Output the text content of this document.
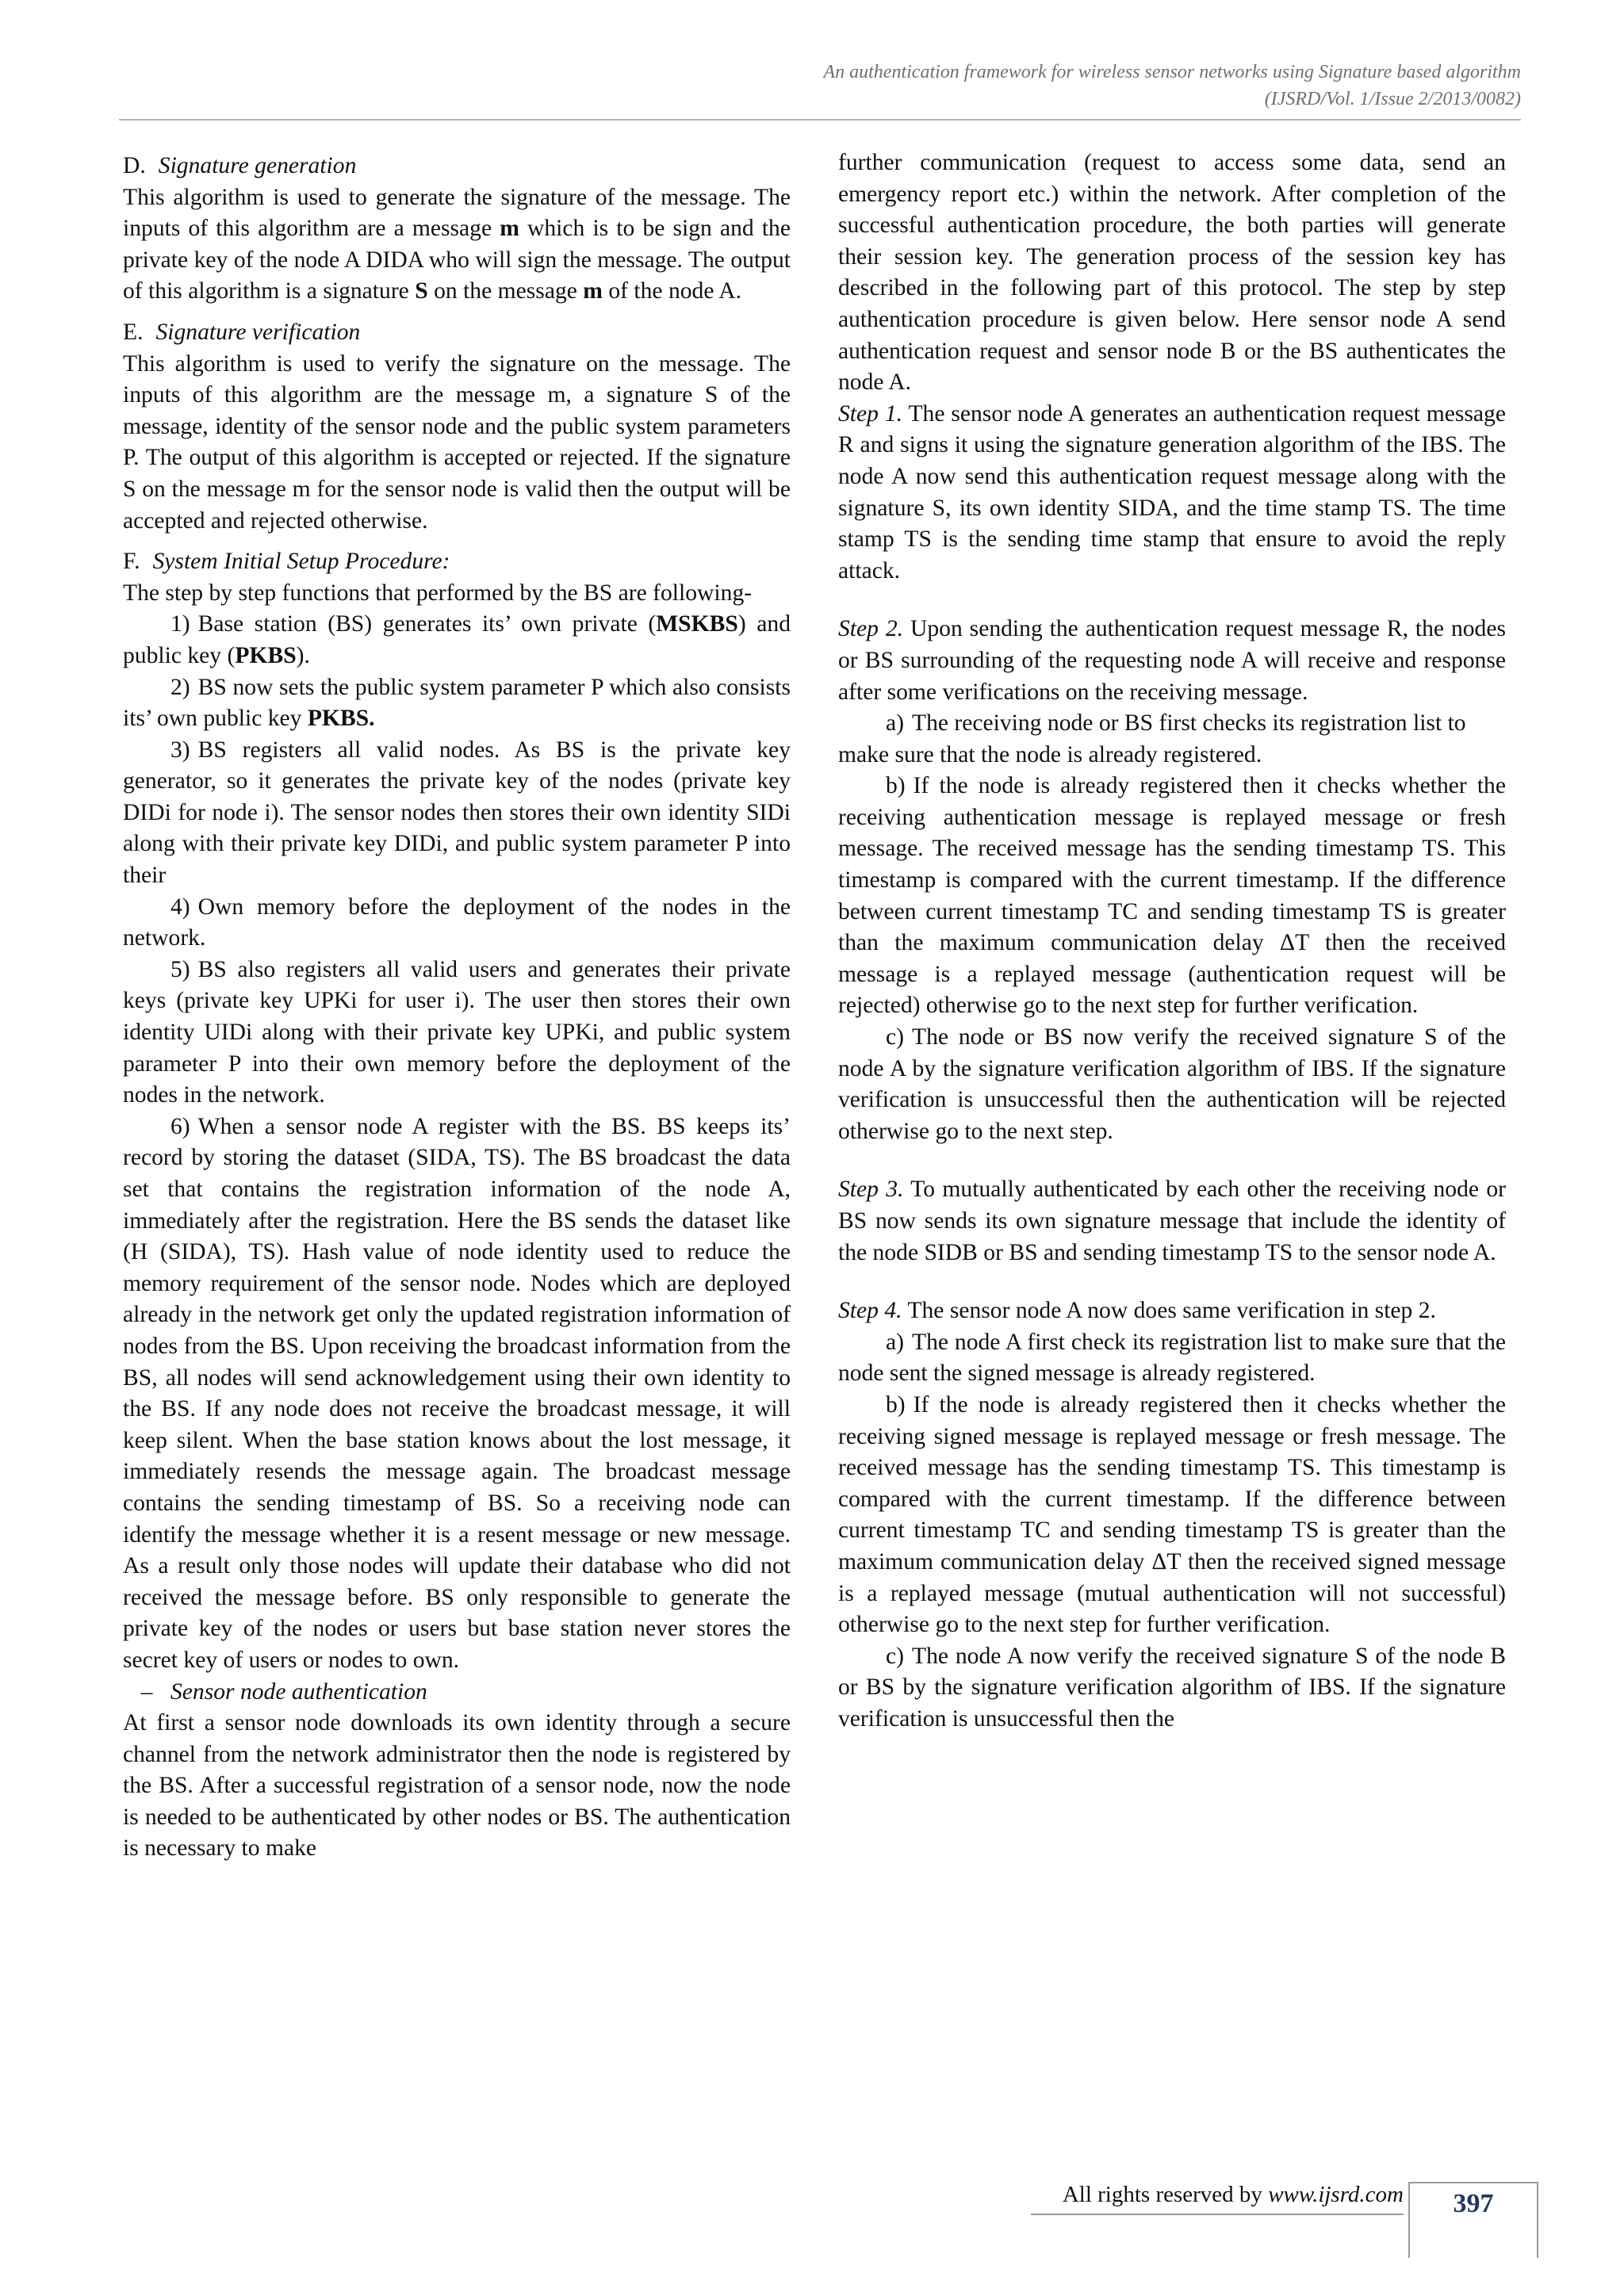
An authentication framework for wireless sensor networks using Signature based algorithm
(IJSRD/Vol. 1/Issue 2/2013/0082)

D. Signature generation

This algorithm is used to generate the signature of the message. The inputs of this algorithm are a message m which is to be sign and the private key of the node A DIDA who will sign the message. The output of this algorithm is a signature S on the message m of the node A.

E. Signature verification

This algorithm is used to verify the signature on the message. The inputs of this algorithm are the message m, a signature S of the message, identity of the sensor node and the public system parameters P. The output of this algorithm is accepted or rejected. If the signature S on the message m for the sensor node is valid then the output will be accepted and rejected otherwise.

F. System Initial Setup Procedure:

The step by step functions that performed by the BS are following-

1) Base station (BS) generates its’ own private (MSKBS) and public key (PKBS).

2) BS now sets the public system parameter P which also consists its’ own public key PKBS.

3) BS registers all valid nodes. As BS is the private key generator, so it generates the private key of the nodes (private key DIDi for node i). The sensor nodes then stores their own identity SIDi along with their private key DIDi, and public system parameter P into their

4) Own memory before the deployment of the nodes in the network.

5) BS also registers all valid users and generates their private keys (private key UPKi for user i). The user then stores their own identity UIDi along with their private key UPKi, and public system parameter P into their own memory before the deployment of the nodes in the network.

6) When a sensor node A register with the BS. BS keeps its’ record by storing the dataset (SIDA, TS). The BS broadcast the data set that contains the registration information of the node A, immediately after the registration. Here the BS sends the dataset like (H (SIDA), TS). Hash value of node identity used to reduce the memory requirement of the sensor node. Nodes which are deployed already in the network get only the updated registration information of nodes from the BS. Upon receiving the broadcast information from the BS, all nodes will send acknowledgement using their own identity to the BS. If any node does not receive the broadcast message, it will keep silent. When the base station knows about the lost message, it immediately resends the message again. The broadcast message contains the sending timestamp of BS. So a receiving node can identify the message whether it is a resent message or new message. As a result only those nodes will update their database who did not received the message before. BS only responsible to generate the private key of the nodes or users but base station never stores the secret key of users or nodes to own.

– Sensor node authentication

At first a sensor node downloads its own identity through a secure channel from the network administrator then the node is registered by the BS. After a successful registration of a sensor node, now the node is needed to be authenticated by other nodes or BS. The authentication is necessary to make

further communication (request to access some data, send an emergency report etc.) within the network. After completion of the successful authentication procedure, the both parties will generate their session key. The generation process of the session key has described in the following part of this protocol. The step by step authentication procedure is given below. Here sensor node A send authentication request and sensor node B or the BS authenticates the node A.

Step 1. The sensor node A generates an authentication request message R and signs it using the signature generation algorithm of the IBS. The node A now send this authentication request message along with the signature S, its own identity SIDA, and the time stamp TS. The time stamp TS is the sending time stamp that ensure to avoid the reply attack.

Step 2. Upon sending the authentication request message R, the nodes or BS surrounding of the requesting node A will receive and response after some verifications on the receiving message.

a) The receiving node or BS first checks its registration list to make sure that the node is already registered.

b) If the node is already registered then it checks whether the receiving authentication message is replayed message or fresh message. The received message has the sending timestamp TS. This timestamp is compared with the current timestamp. If the difference between current timestamp TC and sending timestamp TS is greater than the maximum communication delay ΔT then the received message is a replayed message (authentication request will be rejected) otherwise go to the next step for further verification.

c) The node or BS now verify the received signature S of the node A by the signature verification algorithm of IBS. If the signature verification is unsuccessful then the authentication will be rejected otherwise go to the next step.

Step 3. To mutually authenticated by each other the receiving node or BS now sends its own signature message that include the identity of the node SIDB or BS and sending timestamp TS to the sensor node A.

Step 4. The sensor node A now does same verification in step 2.

a) The node A first check its registration list to make sure that the node sent the signed message is already registered.

b) If the node is already registered then it checks whether the receiving signed message is replayed message or fresh message. The received message has the sending timestamp TS. This timestamp is compared with the current timestamp. If the difference between current timestamp TC and sending timestamp TS is greater than the maximum communication delay ΔT then the received signed message is a replayed message (mutual authentication will not successful) otherwise go to the next step for further verification.

c) The node A now verify the received signature S of the node B or BS by the signature verification algorithm of IBS. If the signature verification is unsuccessful then the

All rights reserved by www.ijsrd.com	397
